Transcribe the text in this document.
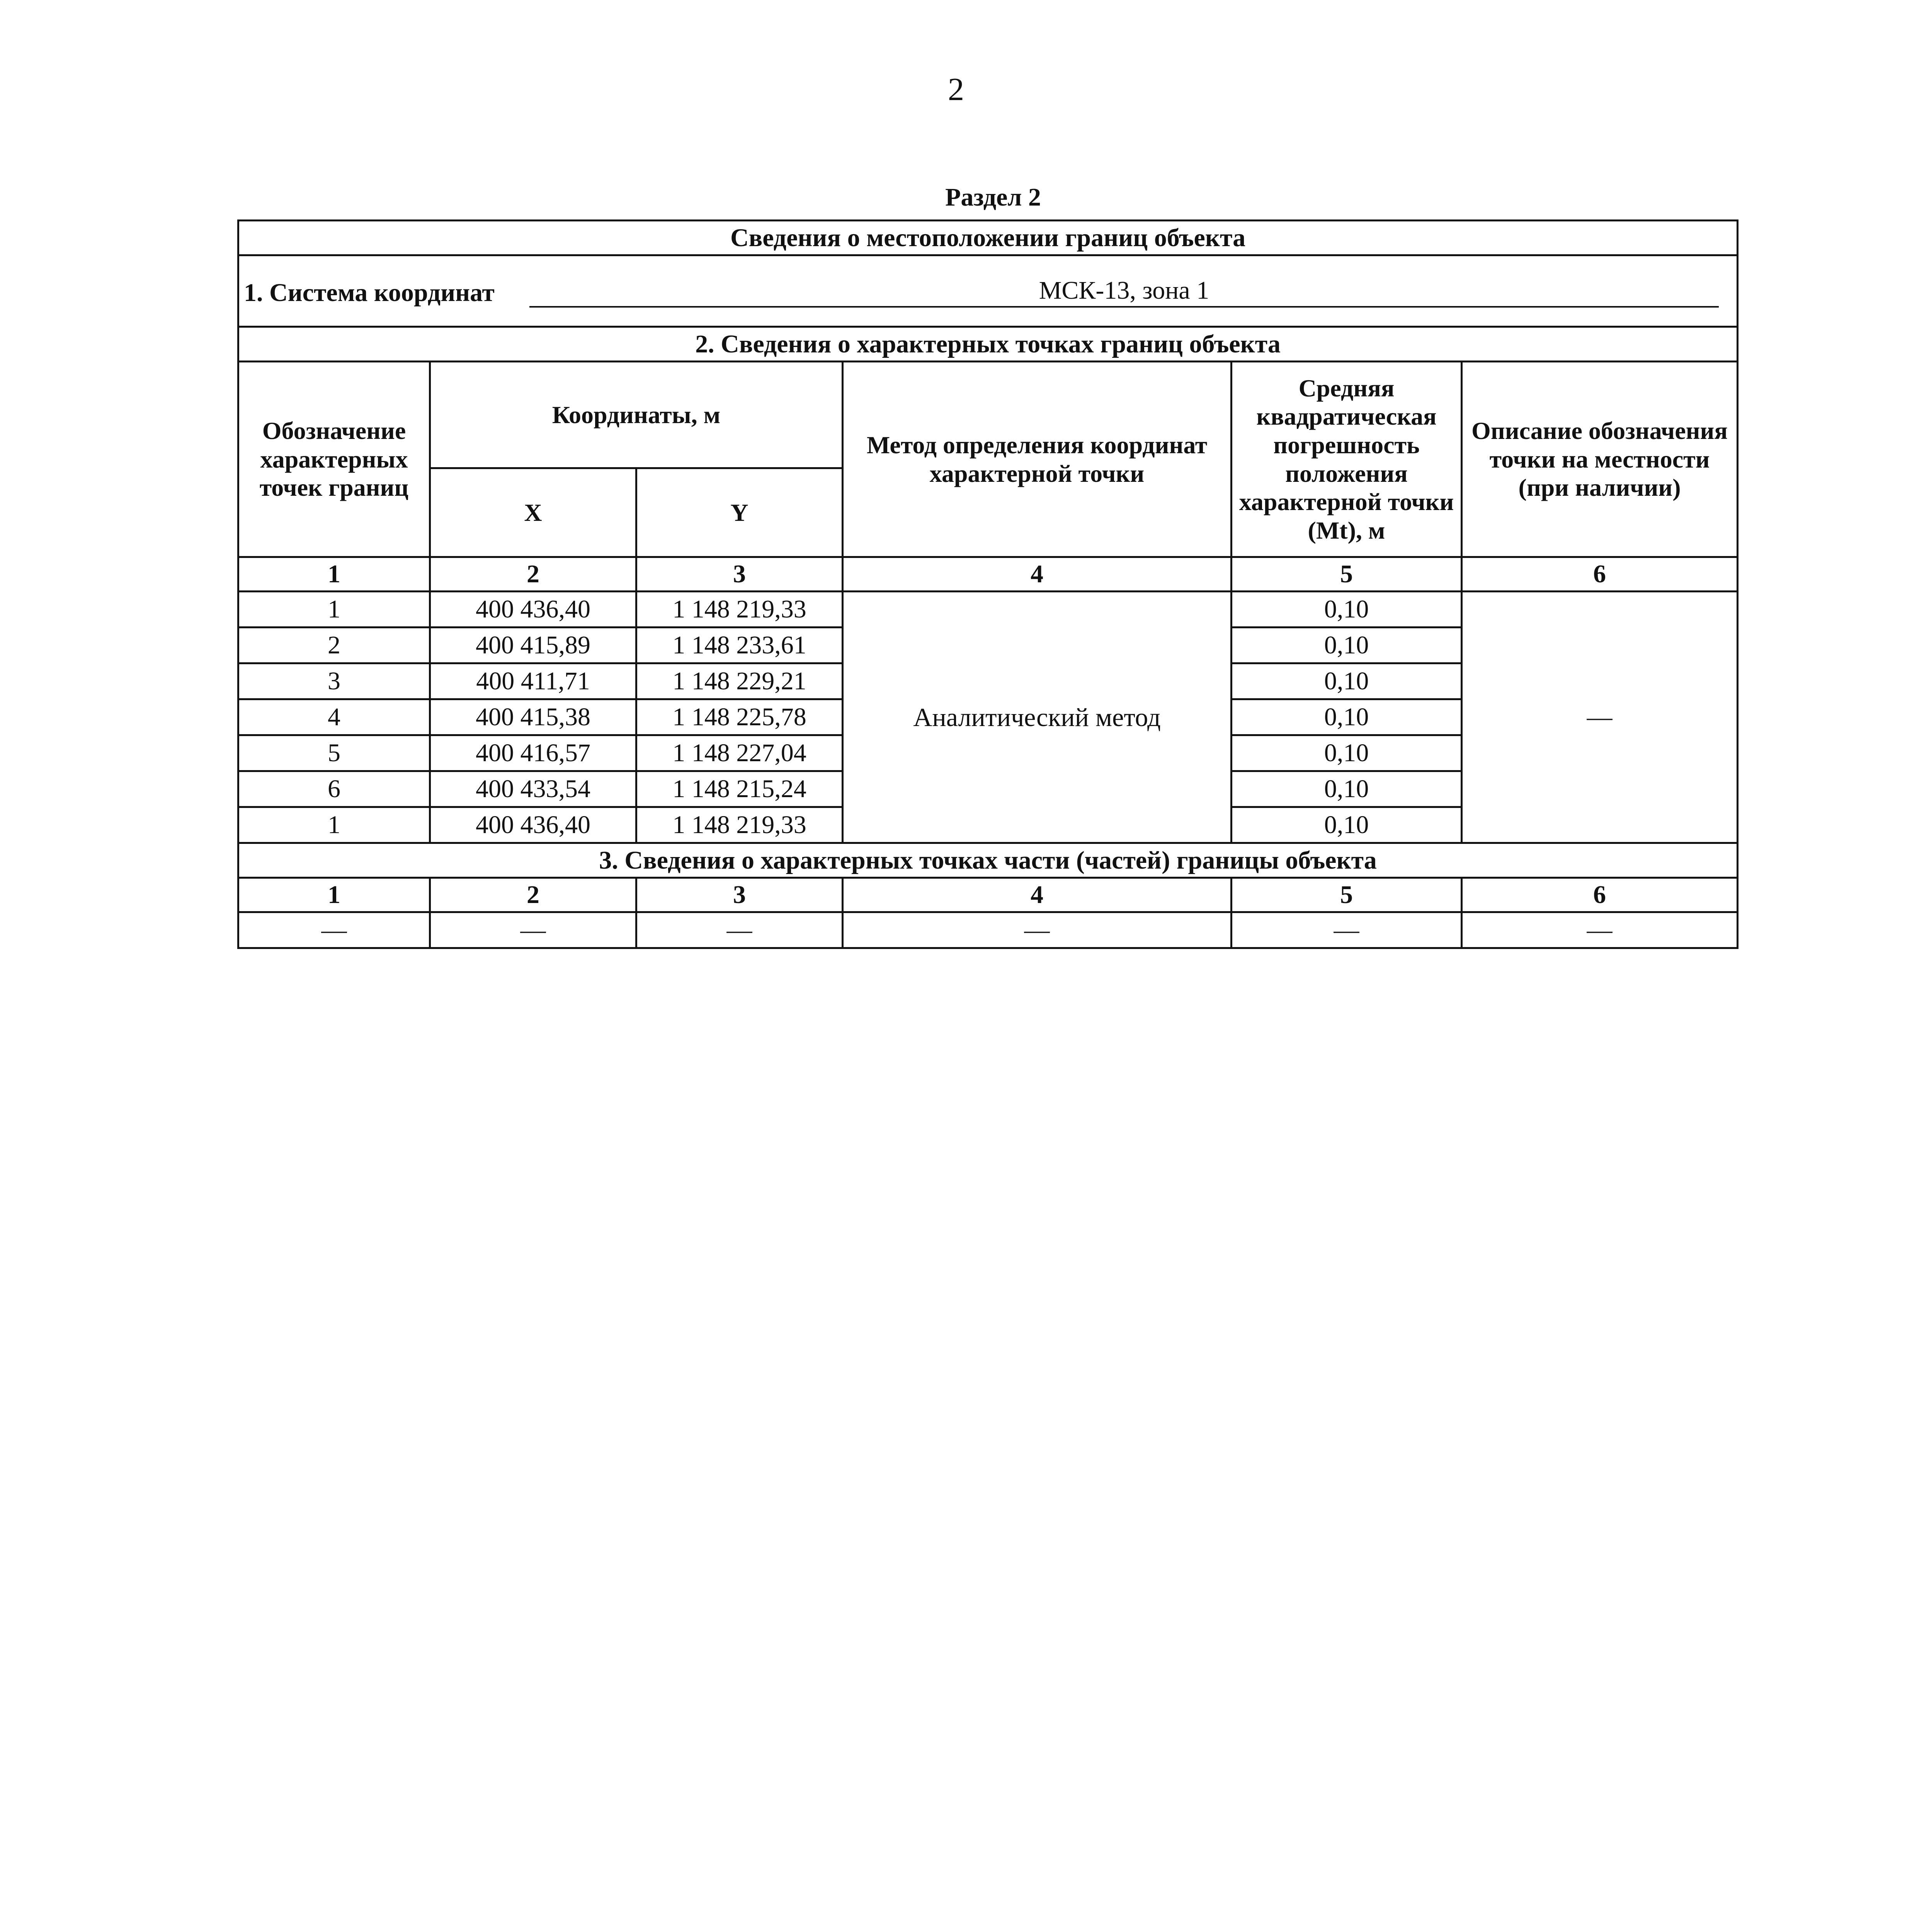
2
Раздел 2
Сведения о местоположении границ объекта					

1. Система координат МСК-13, зона 1					

2. Сведения о характерных точках границ объекта					
Обозначение характерных точек границ	Координаты, м		Метод определения координат характерной точки	Средняя квадратическая погрешность положения характерной точки (Mt), м	Описание обозначения точки на местности (при наличии)
	X	Y			
1	2	3	4	5	6
1	400 436,40	1 148 219,33	Аналитический метод	0,10	—
2	400 415,89	1 148 233,61		0,10	
3	400 411,71	1 148 229,21		0,10	
4	400 415,38	1 148 225,78		0,10	
5	400 416,57	1 148 227,04		0,10	
6	400 433,54	1 148 215,24		0,10	
1	400 436,40	1 148 219,33		0,10	
3. Сведения о характерных точках части (частей) границы объекта					
1	2	3	4	5	6
—	—	—	—	—	—
